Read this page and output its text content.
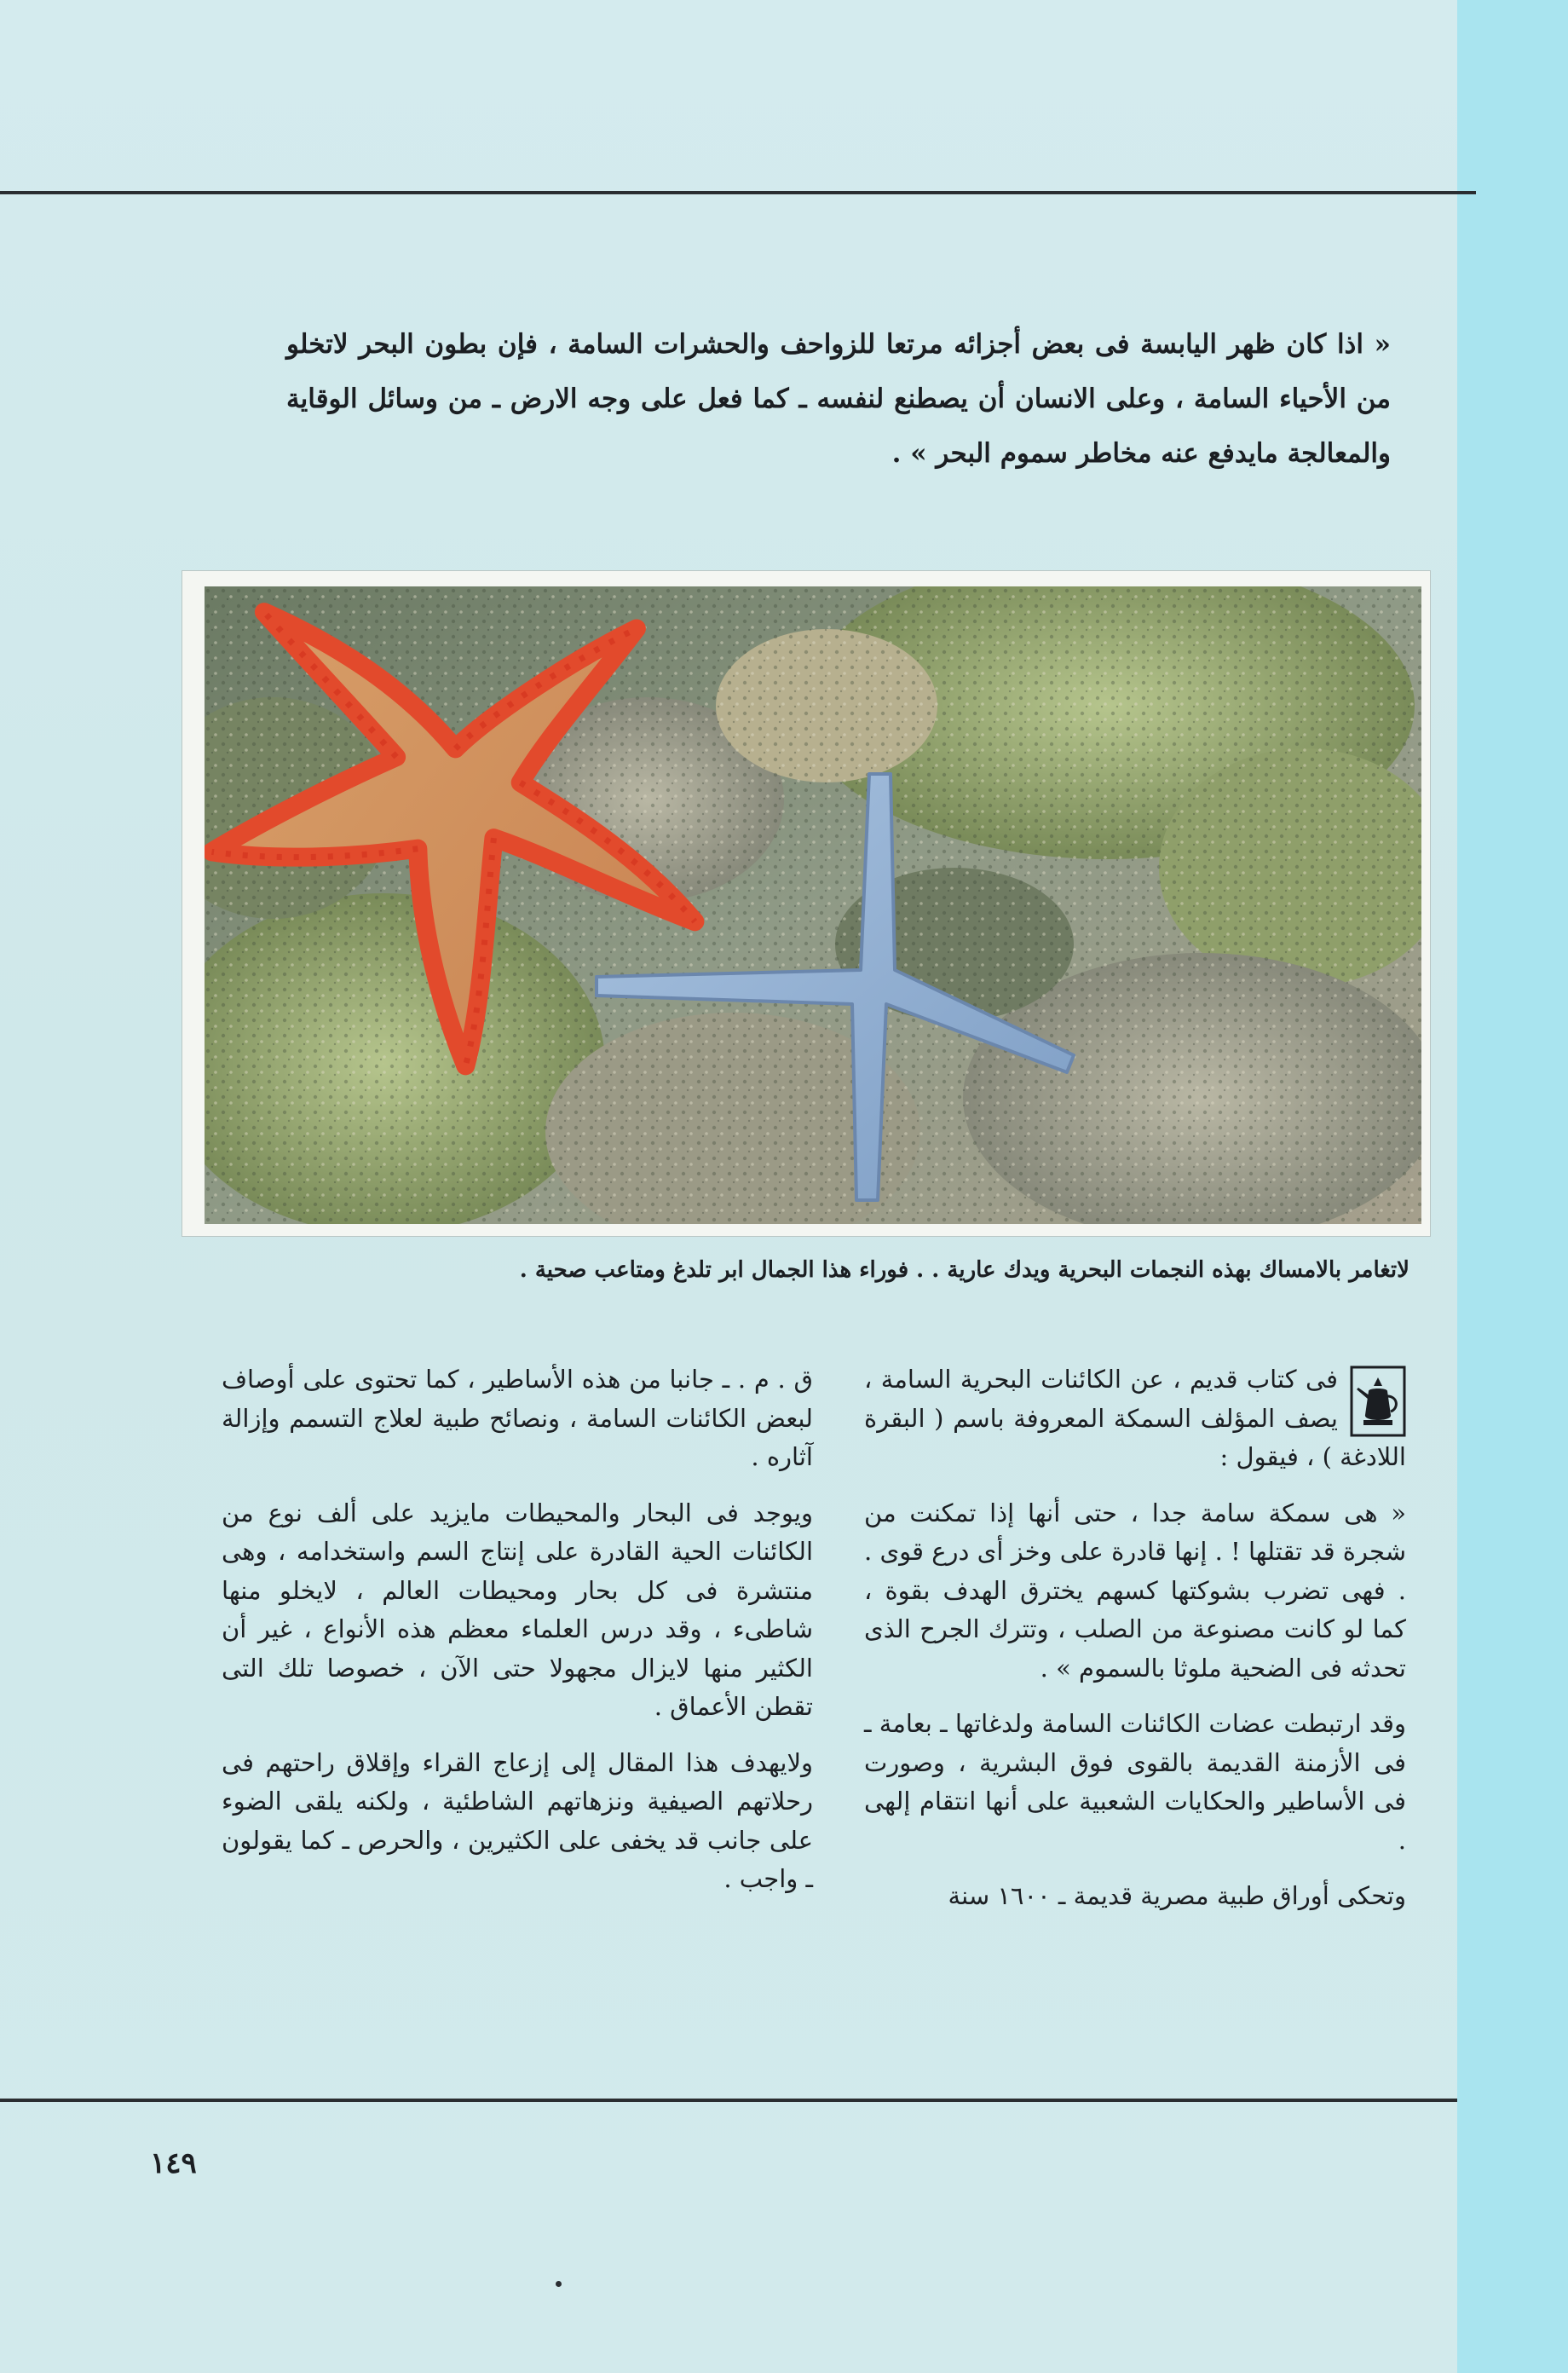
« اذا كان ظهر اليابسة فى بعض أجزائه مرتعا للزواحف والحشرات السامة ، فإن بطون البحر لاتخلو من الأحياء السامة ، وعلى الانسان أن يصطنع لنفسه ـ كما فعل على وجه الارض ـ من وسائل الوقاية والمعالجة مايدفع عنه مخاطر سموم البحر » .

لاتغامر بالامساك بهذه النجمات البحرية ويدك عارية . . فوراء هذا الجمال ابر تلدغ ومتاعب صحية .

فى كتاب قديم ، عن الكائنات البحرية السامة ، يصف المؤلف السمكة المعروفة باسم ( البقرة اللادغة ) ، فيقول :

« هى سمكة سامة جدا ، حتى أنها إذا تمكنت من شجرة قد تقتلها ! . إنها قادرة على وخز أى درع قوى . . فهى تضرب بشوكتها كسهم يخترق الهدف بقوة ، كما لو كانت مصنوعة من الصلب ، وتترك الجرح الذى تحدثه فى الضحية ملوثا بالسموم » .

وقد ارتبطت عضات الكائنات السامة ولدغاتها ـ بعامة ـ فى الأزمنة القديمة بالقوى فوق البشرية ، وصورت فى الأساطير والحكايات الشعبية على أنها انتقام إلهى .

وتحكى أوراق طبية مصرية قديمة ـ ١٦٠٠ سنة

ق . م . ـ جانبا من هذه الأساطير ، كما تحتوى على أوصاف لبعض الكائنات السامة ، ونصائح طبية لعلاج التسمم وإزالة آثاره .

ويوجد فى البحار والمحيطات مايزيد على ألف نوع من الكائنات الحية القادرة على إنتاج السم واستخدامه ، وهى منتشرة فى كل بحار ومحيطات العالم ، لايخلو منها شاطىء ، وقد درس العلماء معظم هذه الأنواع ، غير أن الكثير منها لايزال مجهولا حتى الآن ، خصوصا تلك التى تقطن الأعماق .

ولايهدف هذا المقال إلى إزعاج القراء وإقلاق راحتهم فى رحلاتهم الصيفية ونزهاتهم الشاطئية ، ولكنه يلقى الضوء على جانب قد يخفى على الكثيرين ، والحرص ـ كما يقولون ـ واجب .

١٤٩
